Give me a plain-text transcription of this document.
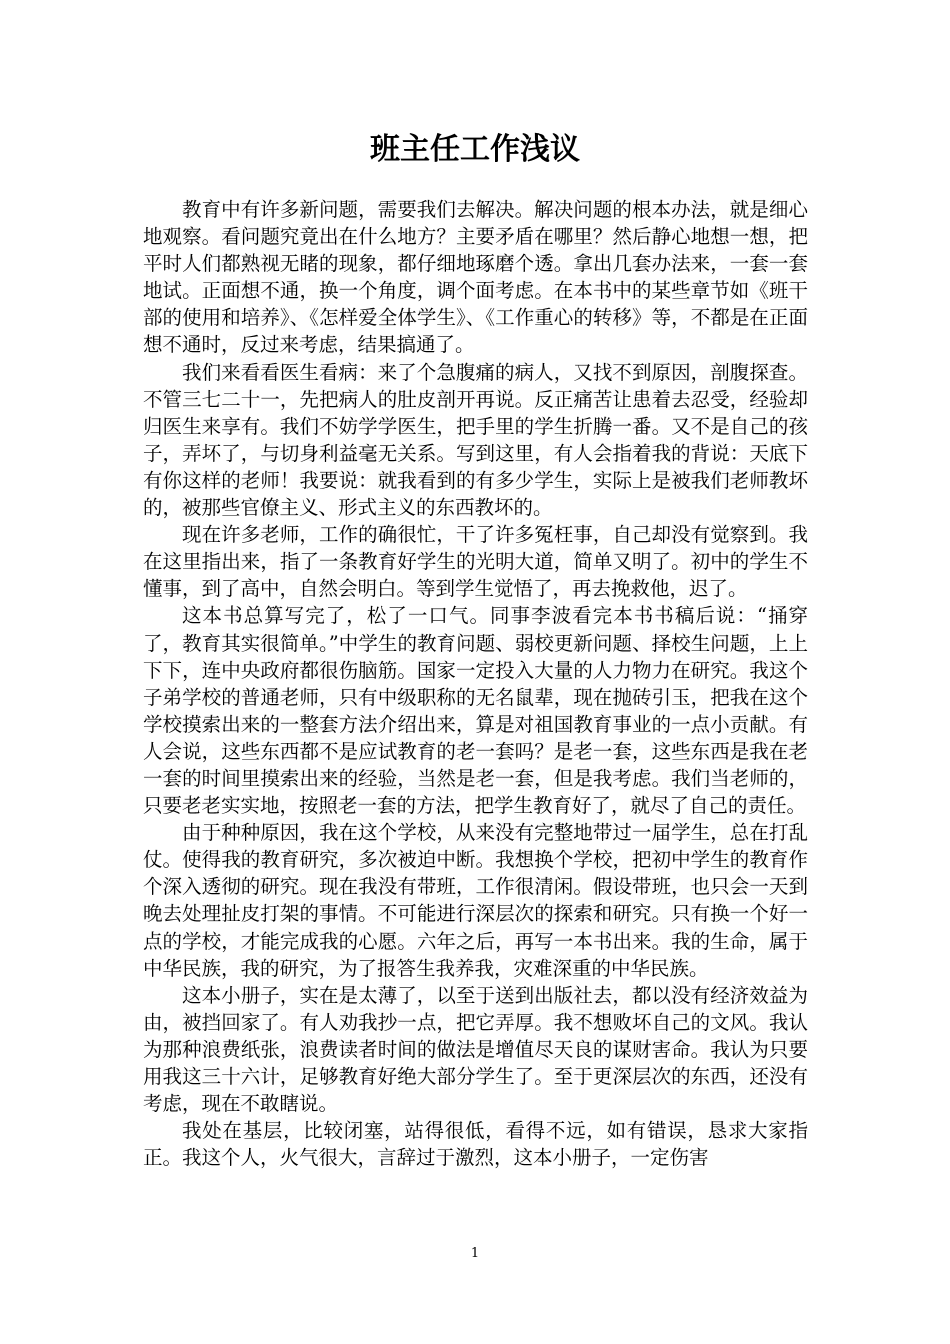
班主任工作浅议

教育中有许多新问题，需要我们去解决。解决问题的根本办法，就是细心地观察。看问题究竟出在什么地方？主要矛盾在哪里？然后静心地想一想，把平时人们都熟视无睹的现象，都仔细地琢磨个透。拿出几套办法来，一套一套地试。正面想不通，换一个角度，调个面考虑。在本书中的某些章节如《班干部的使用和培养》、《怎样爱全体学生》、《工作重心的转移》等，不都是在正面想不通时，反过来考虑，结果搞通了。

我们来看看医生看病：来了个急腹痛的病人，又找不到原因，剖腹探查。不管三七二十一，先把病人的肚皮剖开再说。反正痛苦让患着去忍受，经验却归医生来享有。我们不妨学学医生，把手里的学生折腾一番。又不是自己的孩子，弄坏了，与切身利益毫无关系。写到这里，有人会指着我的背说：天底下有你这样的老师！我要说：就我看到的有多少学生，实际上是被我们老师教坏的，被那些官僚主义、形式主义的东西教坏的。

现在许多老师，工作的确很忙，干了许多冤枉事，自己却没有觉察到。我在这里指出来，指了一条教育好学生的光明大道，简单又明了。初中的学生不懂事，到了高中，自然会明白。等到学生觉悟了，再去挽救他，迟了。

这本书总算写完了，松了一口气。同事李波看完本书书稿后说：“捅穿了，教育其实很简单。”中学生的教育问题、弱校更新问题、择校生问题，上上下下，连中央政府都很伤脑筋。国家一定投入大量的人力物力在研究。我这个子弟学校的普通老师，只有中级职称的无名鼠辈，现在抛砖引玉，把我在这个学校摸索出来的一整套方法介绍出来，算是对祖国教育事业的一点小贡献。有人会说，这些东西都不是应试教育的老一套吗？是老一套，这些东西是我在老一套的时间里摸索出来的经验，当然是老一套，但是我考虑。我们当老师的，只要老老实实地，按照老一套的方法，把学生教育好了，就尽了自己的责任。

由于种种原因，我在这个学校，从来没有完整地带过一届学生，总在打乱仗。使得我的教育研究，多次被迫中断。我想换个学校，把初中学生的教育作个深入透彻的研究。现在我没有带班，工作很清闲。假设带班，也只会一天到晚去处理扯皮打架的事情。不可能进行深层次的探索和研究。只有换一个好一点的学校，才能完成我的心愿。六年之后，再写一本书出来。我的生命，属于中华民族，我的研究，为了报答生我养我，灾难深重的中华民族。

这本小册子，实在是太薄了，以至于送到出版社去，都以没有经济效益为由，被挡回家了。有人劝我抄一点，把它弄厚。我不想败坏自己的文风。我认为那种浪费纸张，浪费读者时间的做法是增值尽天良的谋财害命。我认为只要用我这三十六计，足够教育好绝大部分学生了。至于更深层次的东西，还没有考虑，现在不敢瞎说。

我处在基层，比较闭塞，站得很低，看得不远，如有错误，恳求大家指正。我这个人，火气很大，言辞过于激烈，这本小册子，一定伤害

1
